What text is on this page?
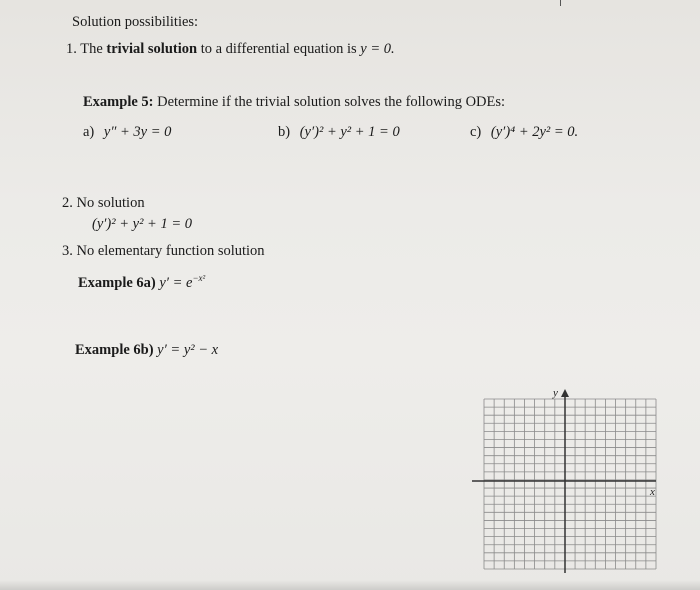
Solution possibilities:
1. The trivial solution to a differential equation is y = 0.
Example 5: Determine if the trivial solution solves the following ODEs:
a) y″ + 3y = 0	b) (y′)² + y² + 1 = 0	c) (y′)⁴ + 2y² = 0.
2. No solution
(y′)² + y² + 1 = 0
3. No elementary function solution
Example 6a) $y' = e^{-x^2}$
Example 6b) y′ = y² − x
y
x
